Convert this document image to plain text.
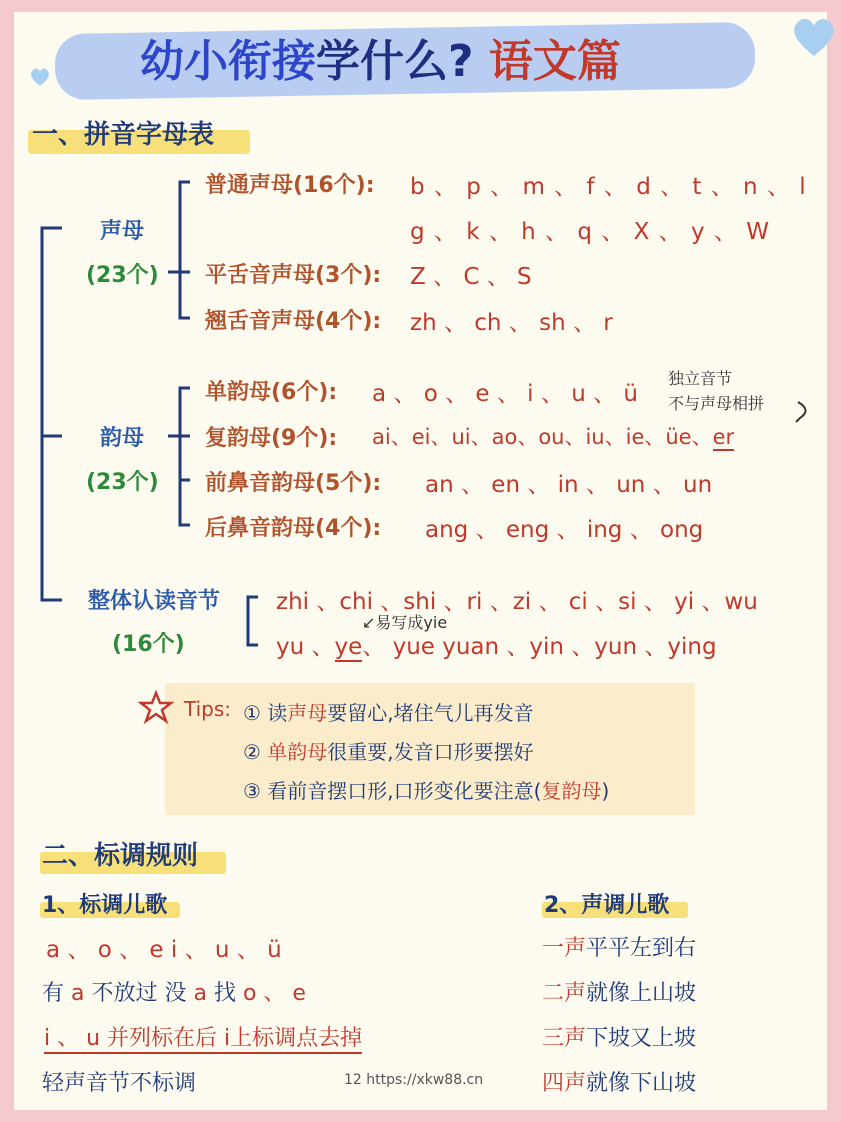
幼小衔接学什么? 语文篇
一、拼音字母表
声母
(23个)
普通声母(16个): b 、 p 、 m 、 f 、 d 、 t 、 n 、 l
g 、 k 、 h 、 q 、 X 、 y 、 W
平舌音声母(3个): Z 、 C 、 S
翘舌音声母(4个): zh 、 ch 、 sh 、 r
韵母
(23个)
独立音节
不与声母相拼
单韵母(6个): a 、 o 、 e 、 i 、 u 、 ü
复韵母(9个): ai、ei、ui、ao、ou、iu、ie、üe、er
前鼻音韵母(5个): an 、 en 、 in 、 un 、 un
后鼻音韵母(4个): ang 、 eng 、 ing 、 ong
整体认读音节
(16个)
zhi 、chi 、shi 、ri 、zi 、 ci 、si 、 yi 、wu
↙易写成yie
yu 、ye、 yue yuan 、yin 、yun 、ying
Tips: ① 读声母要留心,堵住气儿再发音
② 单韵母很重要,发音口形要摆好
③ 看前音摆口形,口形变化要注意(复韵母)
二、标调规则
1、标调儿歌	2、声调儿歌
a 、 o 、 e i 、 u 、 ü
有 a 不放过 没 a 找 o 、 e
i 、 u 并列标在后 i上标调点去掉
轻声音节不标调
一声平平左到右
二声就像上山坡
三声下坡又上坡
四声就像下山坡
12 https://xkw88.cn
